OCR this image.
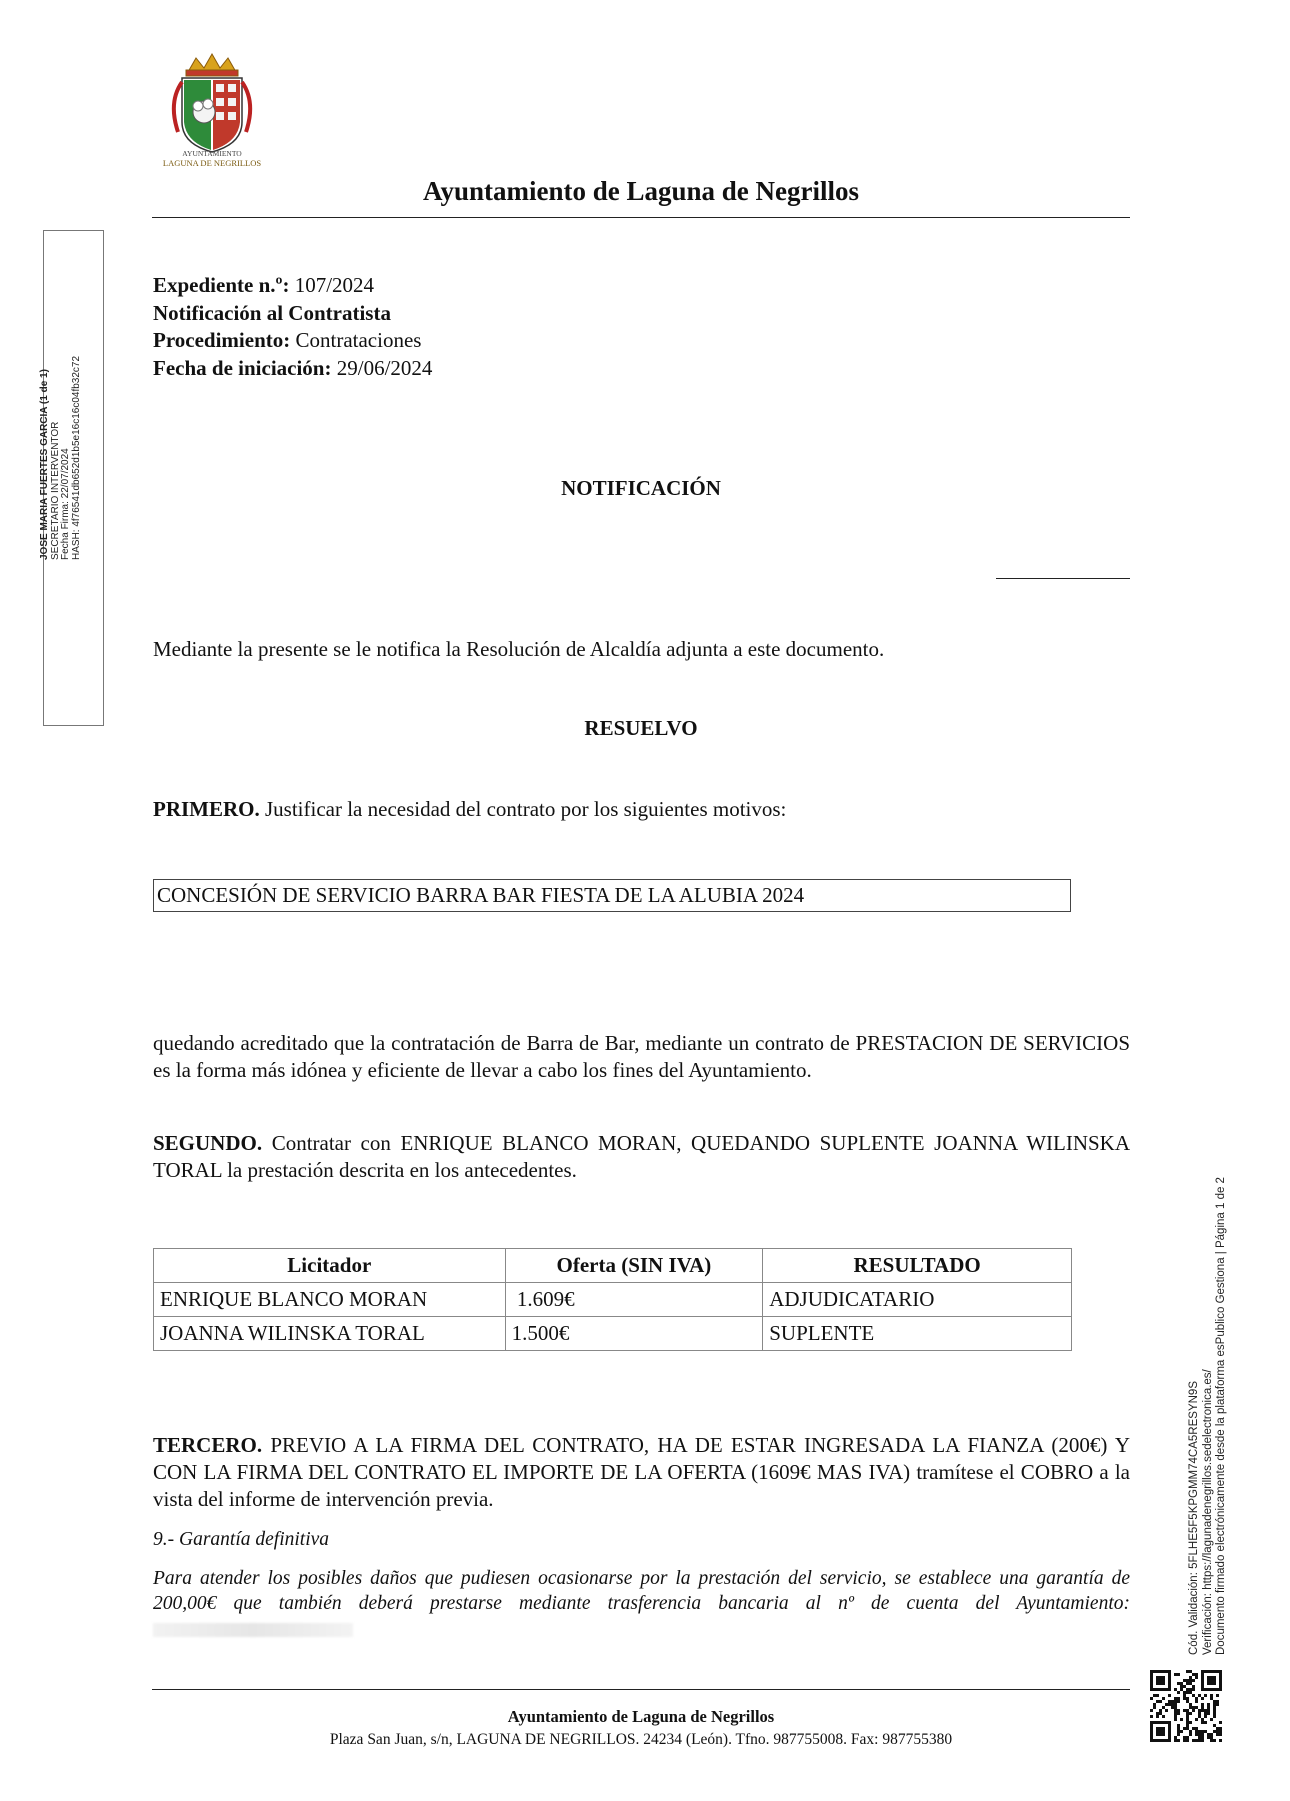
AYUNTAMIENTO
LAGUNA DE NEGRILLOS
Ayuntamiento de Laguna de Negrillos
JOSE MARIA FUERTES GARCIA (1 de 1) SECRETARIO INTERVENTOR Fecha Firma: 22/07/2024 HASH: 4f76541db652d1b5e16c16c04fb32c72
Expediente n.º: 107/2024
Notificación al Contratista
Procedimiento: Contrataciones
Fecha de iniciación: 29/06/2024
NOTIFICACIÓN
Mediante la presente se le notifica la Resolución de Alcaldía adjunta a este documento.
RESUELVO
PRIMERO. Justificar la necesidad del contrato por los siguientes motivos:
CONCESIÓN DE SERVICIO BARRA BAR FIESTA DE LA ALUBIA 2024
quedando acreditado que la contratación de Barra de Bar, mediante un contrato de PRESTACION DE SERVICIOS es la forma más idónea y eficiente de llevar a cabo los fines del Ayuntamiento.
SEGUNDO. Contratar con ENRIQUE BLANCO MORAN, QUEDANDO SUPLENTE JOANNA WILINSKA TORAL la prestación descrita en los antecedentes.
Licitador	Oferta (SIN IVA)	RESULTADO
ENRIQUE BLANCO MORAN	1.609€	ADJUDICATARIO
JOANNA WILINSKA TORAL	1.500€	SUPLENTE
TERCERO. PREVIO A LA FIRMA DEL CONTRATO, HA DE ESTAR INGRESADA LA FIANZA (200€) Y CON LA FIRMA DEL CONTRATO EL IMPORTE DE LA OFERTA (1609€ MAS IVA) tramítese el COBRO a la vista del informe de intervención previa.
9.- Garantía definitiva
Para atender los posibles daños que pudiesen ocasionarse por la prestación del servicio, se establece una garantía de 200,00€ que también deberá prestarse mediante trasferencia bancaria al nº de cuenta del Ayuntamiento:	Cód. Validación: 5FLHE5F5KPGMM74CA5RESYN9S Verificación: https://lagunadenegrillos.sedelectronica.es/ Documento firmado electrónicamente desde la plataforma esPublico Gestiona | Página 1 de 2
Ayuntamiento de Laguna de Negrillos
Plaza San Juan, s/n, LAGUNA DE NEGRILLOS. 24234 (León). Tfno. 987755008. Fax: 987755380
